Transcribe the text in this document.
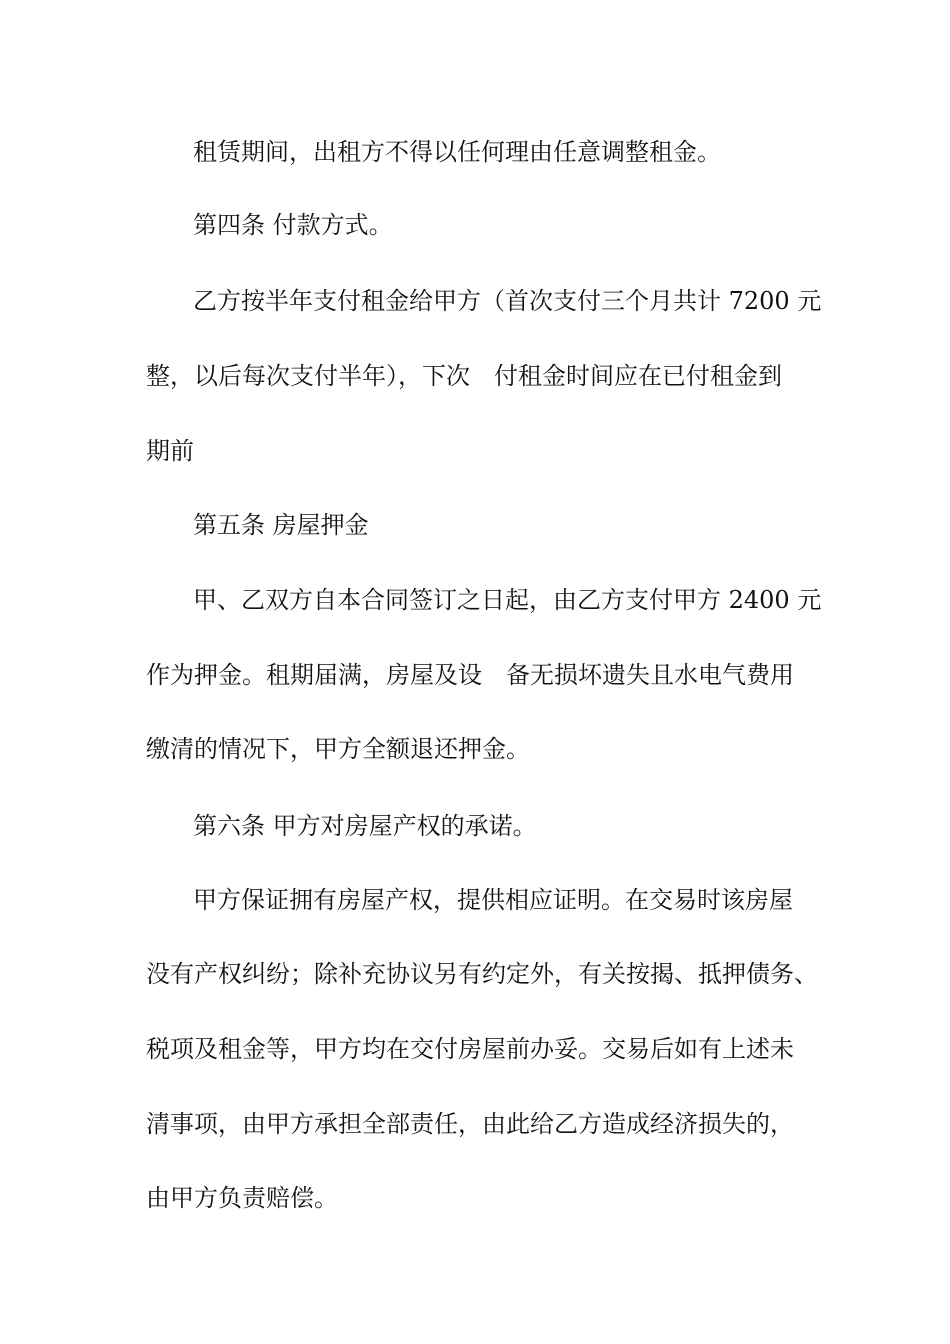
租赁期间，出租方不得以任何理由任意调整租金。
第四条 付款方式。
乙方按半年支付租金给甲方（首次支付三个月共计 7200 元
整，以后每次支付半年），下次　付租金时间应在已付租金到
期前
第五条 房屋押金
甲、乙双方自本合同签订之日起，由乙方支付甲方 2400 元
作为押金。租期届满，房屋及设　备无损坏遗失且水电气费用
缴清的情况下，甲方全额退还押金。
第六条 甲方对房屋产权的承诺。
甲方保证拥有房屋产权，提供相应证明。在交易时该房屋
没有产权纠纷；除补充协议另有约定外，有关按揭、抵押债务、
税项及租金等，甲方均在交付房屋前办妥。交易后如有上述未
清事项，由甲方承担全部责任，由此给乙方造成经济损失的，
由甲方负责赔偿。
